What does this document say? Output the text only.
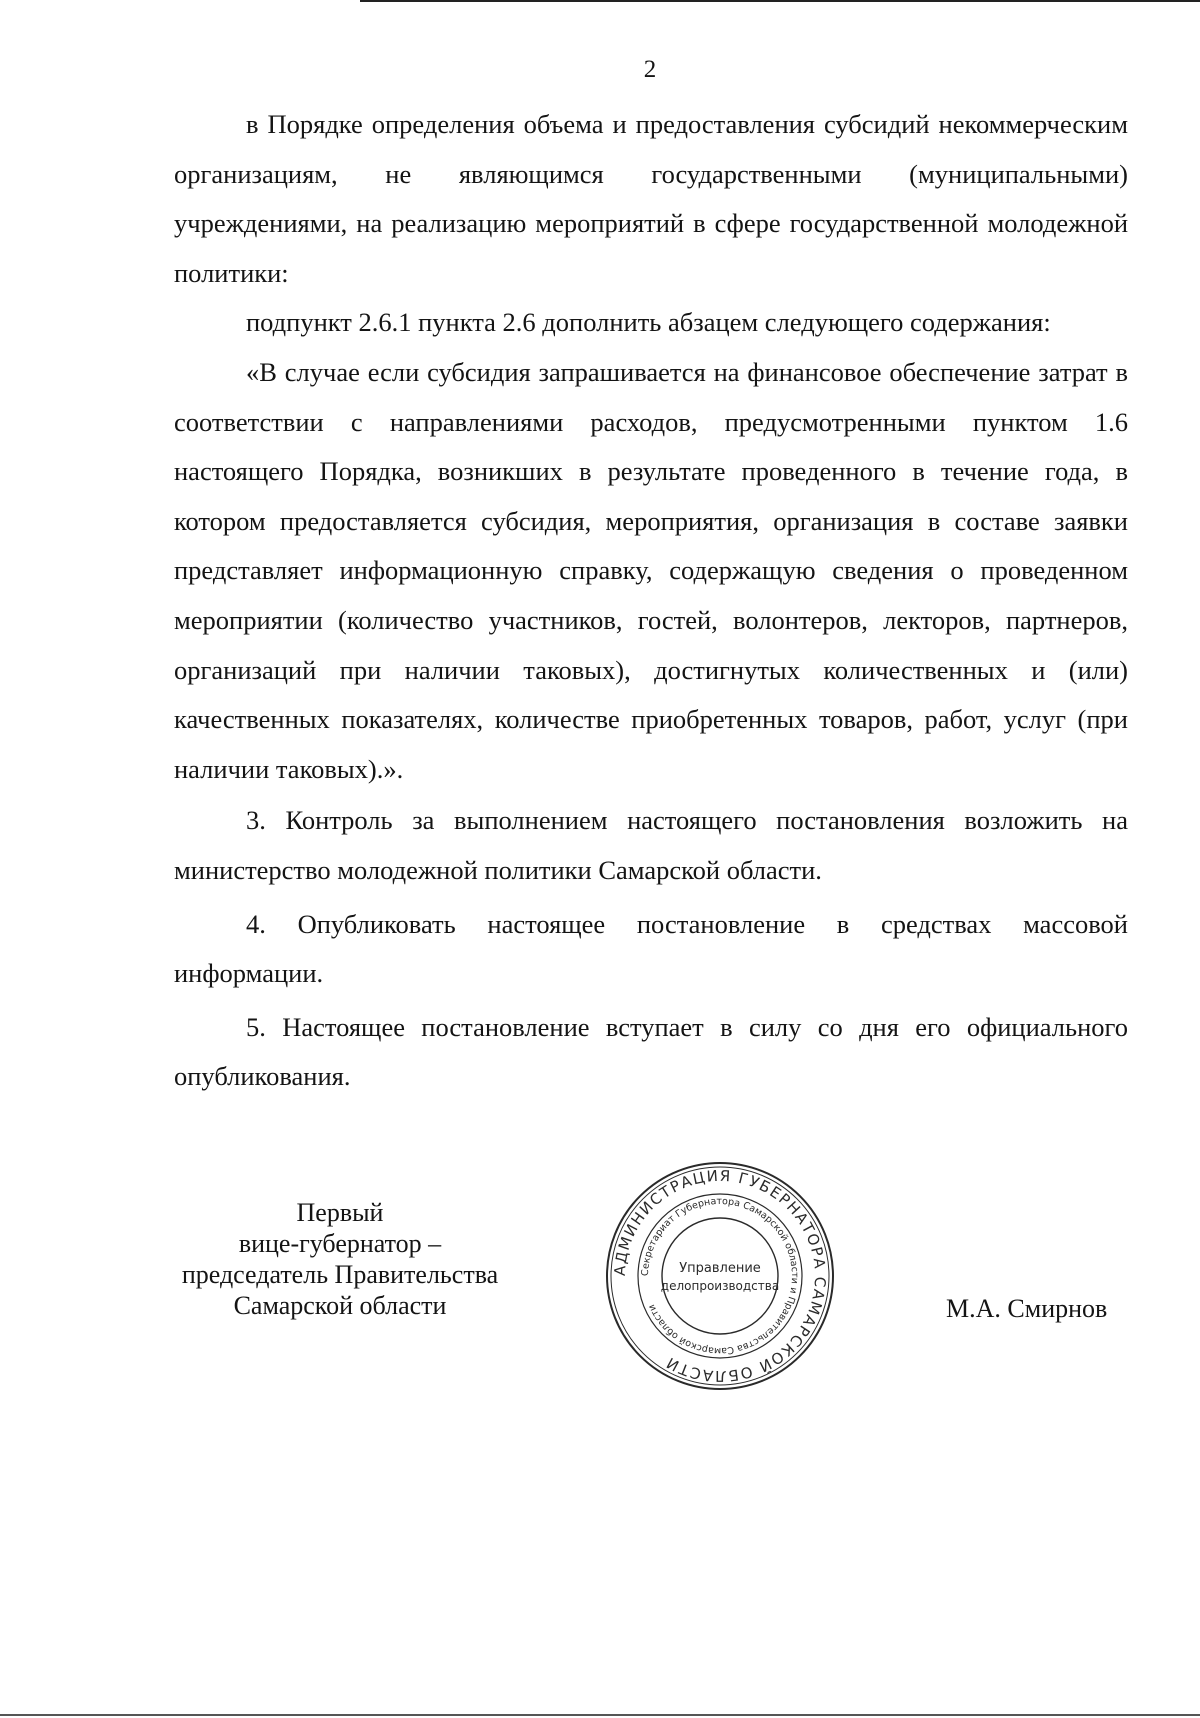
2

в Порядке определения объема и предоставления субсидий некоммерческим организациям, не являющимся государственными (муниципальными) учреждениями, на реализацию мероприятий в сфере государственной молодежной политики:

подпункт 2.6.1 пункта 2.6 дополнить абзацем следующего содержания:

«В случае если субсидия запрашивается на финансовое обеспечение затрат в соответствии с направлениями расходов, предусмотренными пунктом 1.6 настоящего Порядка, возникших в результате проведенного в течение года, в котором предоставляется субсидия, мероприятия, организация в составе заявки представляет информационную справку, содержащую сведения о проведенном мероприятии (количество участников, гостей, волонтеров, лекторов, партнеров, организаций при наличии таковых), достигнутых количественных и (или) качественных показателях, количестве приобретенных товаров, работ, услуг (при наличии таковых).».

3. Контроль за выполнением настоящего постановления возложить на министерство молодежной политики Самарской области.

4. Опубликовать настоящее постановление в средствах массовой информации.

5. Настоящее постановление вступает в силу со дня его официального опубликования.

Первый
вице-губернатор –
председатель Правительства
Самарской области
АДМИНИСТРАЦИЯ ГУБЕРНАТОРА САМАРСКОЙ ОБЛАСТИ
Секретариат Губернатора Самарской области и Правительства Самарской области
Управление
делопроизводства
М.А. Смирнов
